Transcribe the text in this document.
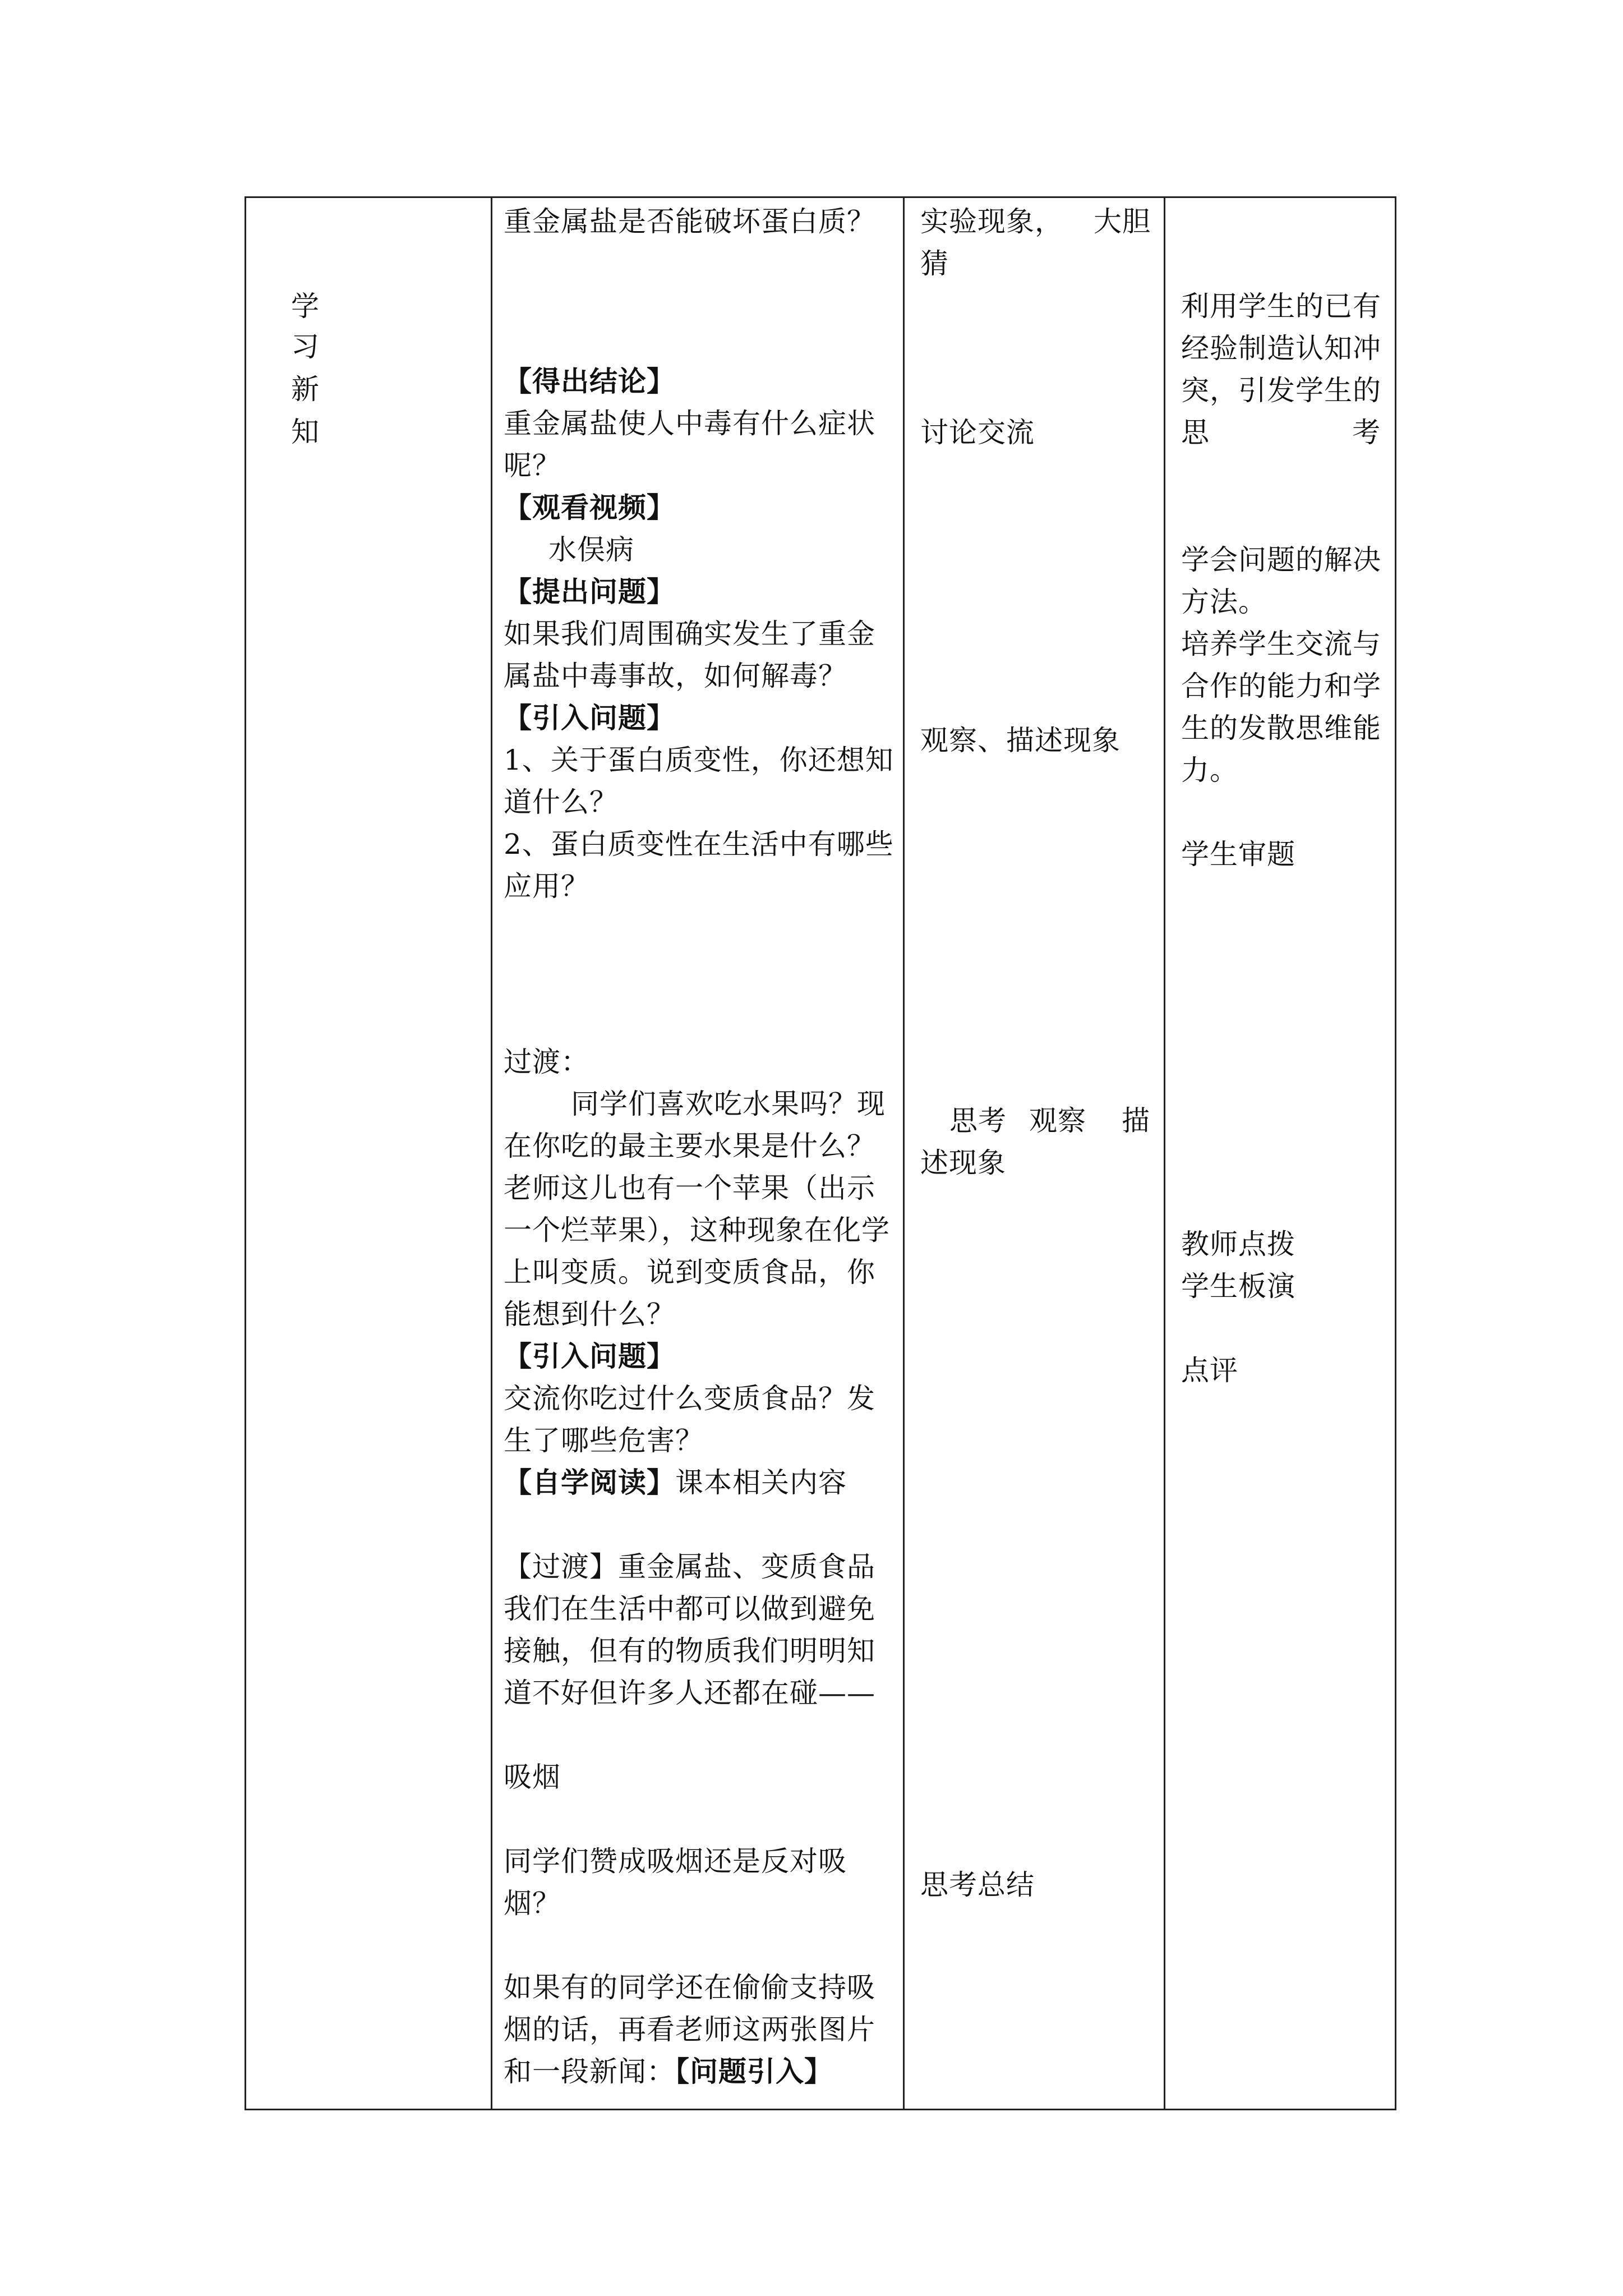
学
习
新
知
重金属盐是否能破坏蛋白质？
【得出结论】
重金属盐使人中毒有什么症状
呢？
【观看视频】
水俣病
【提出问题】
如果我们周围确实发生了重金
属盐中毒事故，如何解毒？
【引入问题】
1、关于蛋白质变性，你还想知
道什么？
2、蛋白质变性在生活中有哪些
应用？
过渡：
同学们喜欢吃水果吗？现
在你吃的最主要水果是什么？
老师这儿也有一个苹果（出示
一个烂苹果），这种现象在化学
上叫变质。说到变质食品，你
能想到什么？
【引入问题】
交流你吃过什么变质食品？发
生了哪些危害？
【自学阅读】课本相关内容
【过渡】重金属盐、变质食品
我们在生活中都可以做到避免
接触，但有的物质我们明明知
道不好但许多人还都在碰——
吸烟
同学们赞成吸烟还是反对吸
烟？
如果有的同学还在偷偷支持吸
烟的话，再看老师这两张图片
和一段新闻：【问题引入】
实验现象， 大胆
猜
讨论交流
观察、描述现象
思考 观察 描
述现象
思考总结
利用学生的已有
经验制造认知冲
突，引发学生的
思	考
学会问题的解决
方法。
培养学生交流与
合作的能力和学
生的发散思维能
力。
学生审题
教师点拨
学生板演
点评
